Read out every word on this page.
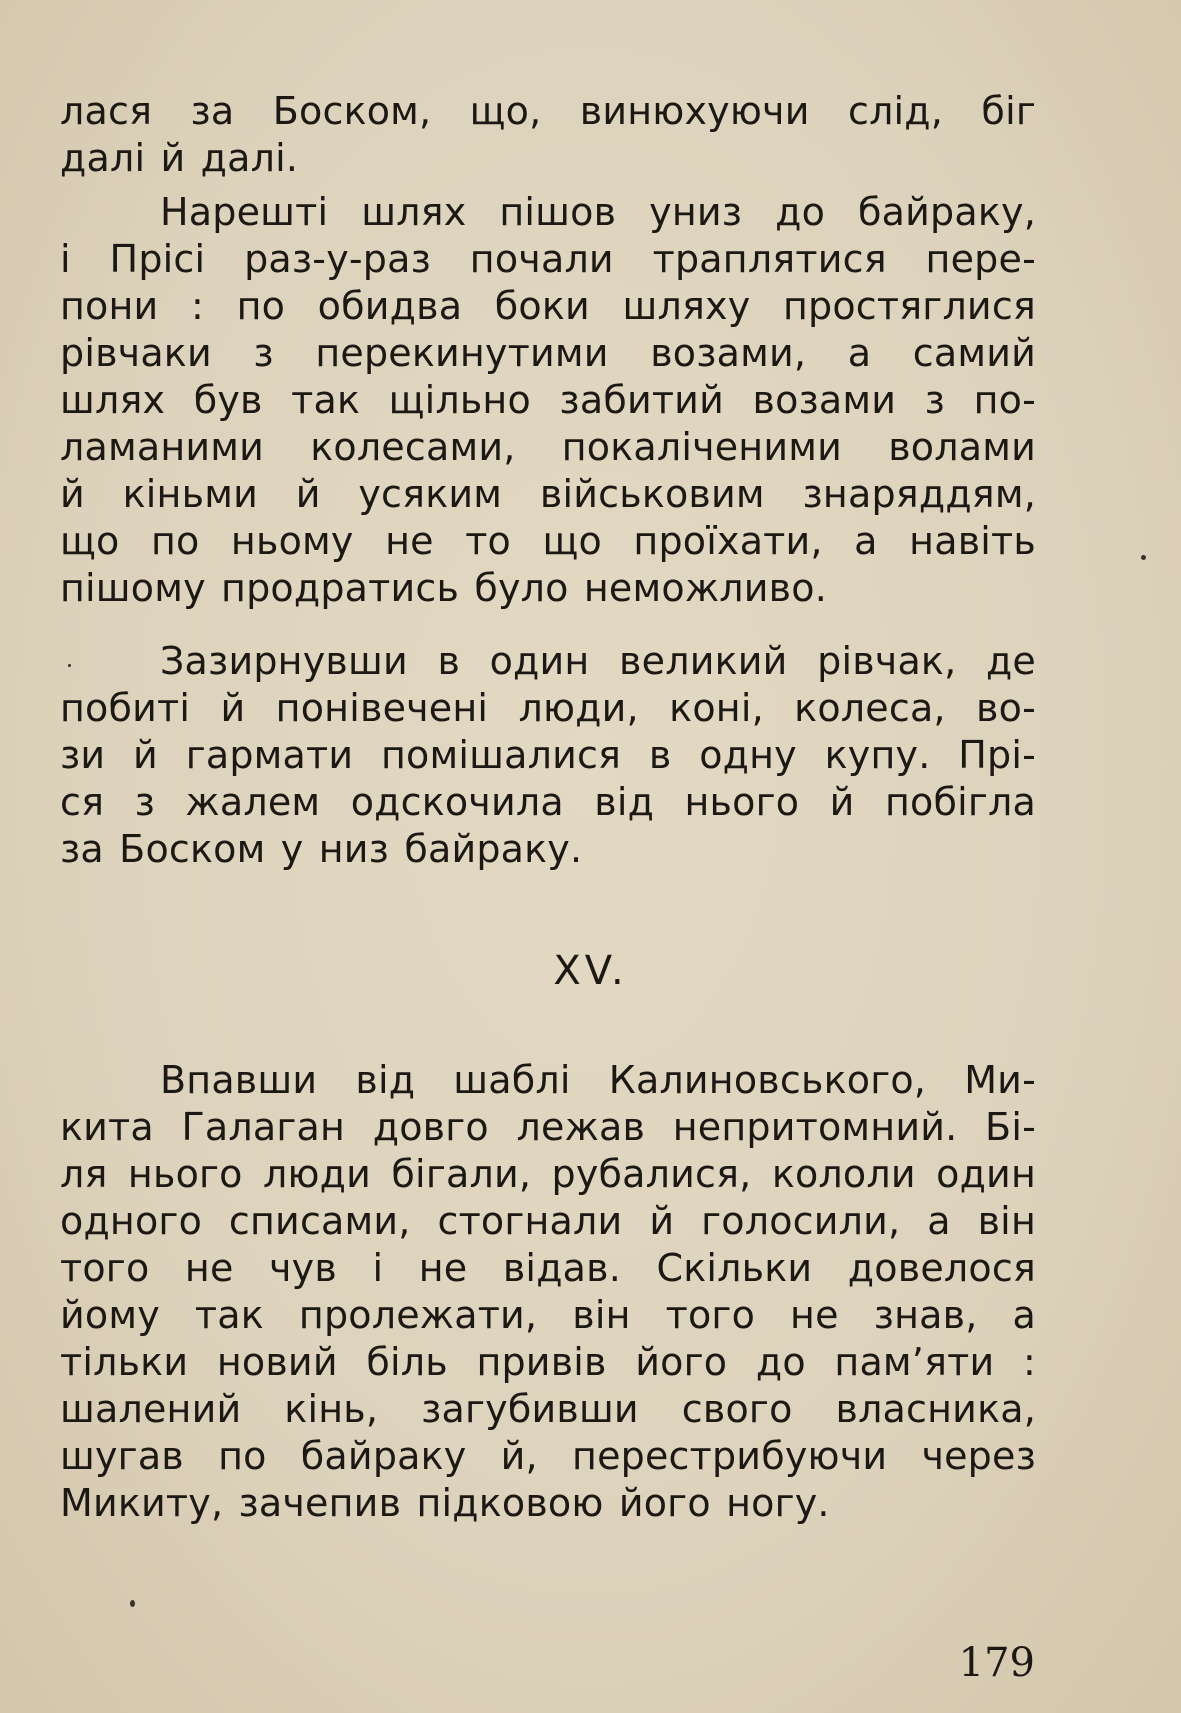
лася за Боском, що, винюхуючи слід, біг
далі й далі.
Нарешті шлях пішов униз до байраку,
і Прісі раз-у-раз почали траплятися пере-
пони : по обидва боки шляху простяглися
рівчаки з перекинутими возами, а самий
шлях був так щільно забитий возами з по-
ламаними колесами, покаліченими волами
й кіньми й усяким військовим знаряддям,
що по ньому не то що проїхати, а навіть
пішому продратись було неможливо.
Зазирнувши в один великий рівчак, де
побиті й понівечені люди, коні, колеса, во-
зи й гармати помішалися в одну купу. Прі-
ся з жалем одскочила від нього й побігла
за Боском у низ байраку.
XV.
Впавши від шаблі Калиновського, Ми-
кита Галаган довго лежав непритомний. Бі-
ля нього люди бігали, рубалися, кололи один
одного списами, стогнали й голосили, а він
того не чув і не відав. Скільки довелося
йому так пролежати, він того не знав, а
тільки новий біль привів його до пам’яти :
шалений кінь, загубивши свого власника,
шугав по байраку й, перестрибуючи через
Микиту, зачепив підковою його ногу.
179
